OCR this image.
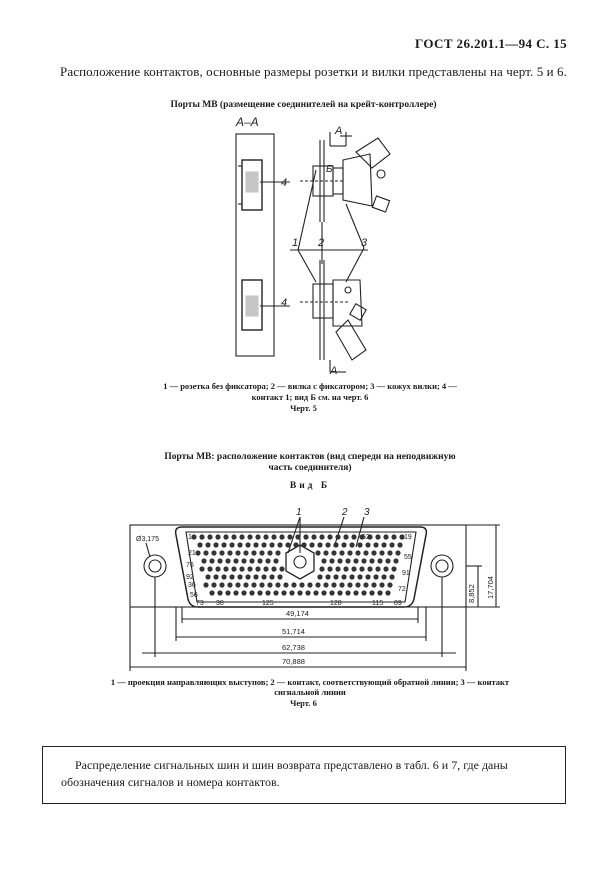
ГОСТ 26.201.1—94 С. 15
Расположение контактов, основные размеры розетки и вилки представлены на черт. 5 и 6.
Порты МВ (размещение соединителей на крейт-контроллере)
А–А
4
4
1 2	3
А
А
Б
1 — розетка без фиксатора; 2 — вилка с фиксатором; 3 — кожух вилки; 4 —
контакт 1; вид Б см. на черт. 6
Черт. 5
Порты МВ: расположение контактов (вид спереди на неподвижную
часть соединителя)
Вид Б
Ø3,175	1
21
76
92
36
56
73
19
55
91
72
89
38	125	128	115
52
1	2 3
49,174
51,714
62,738
70,888
8,852 17,704
1 — проекция направляющих выступов; 2 — контакт, соответствующий обратной линии; 3 — контакт
сигнальной линии
Черт. 6
Распределение сигнальных шин и шин возврата представлено в табл. 6 и 7, где даны обозначения сигналов и номера контактов.
